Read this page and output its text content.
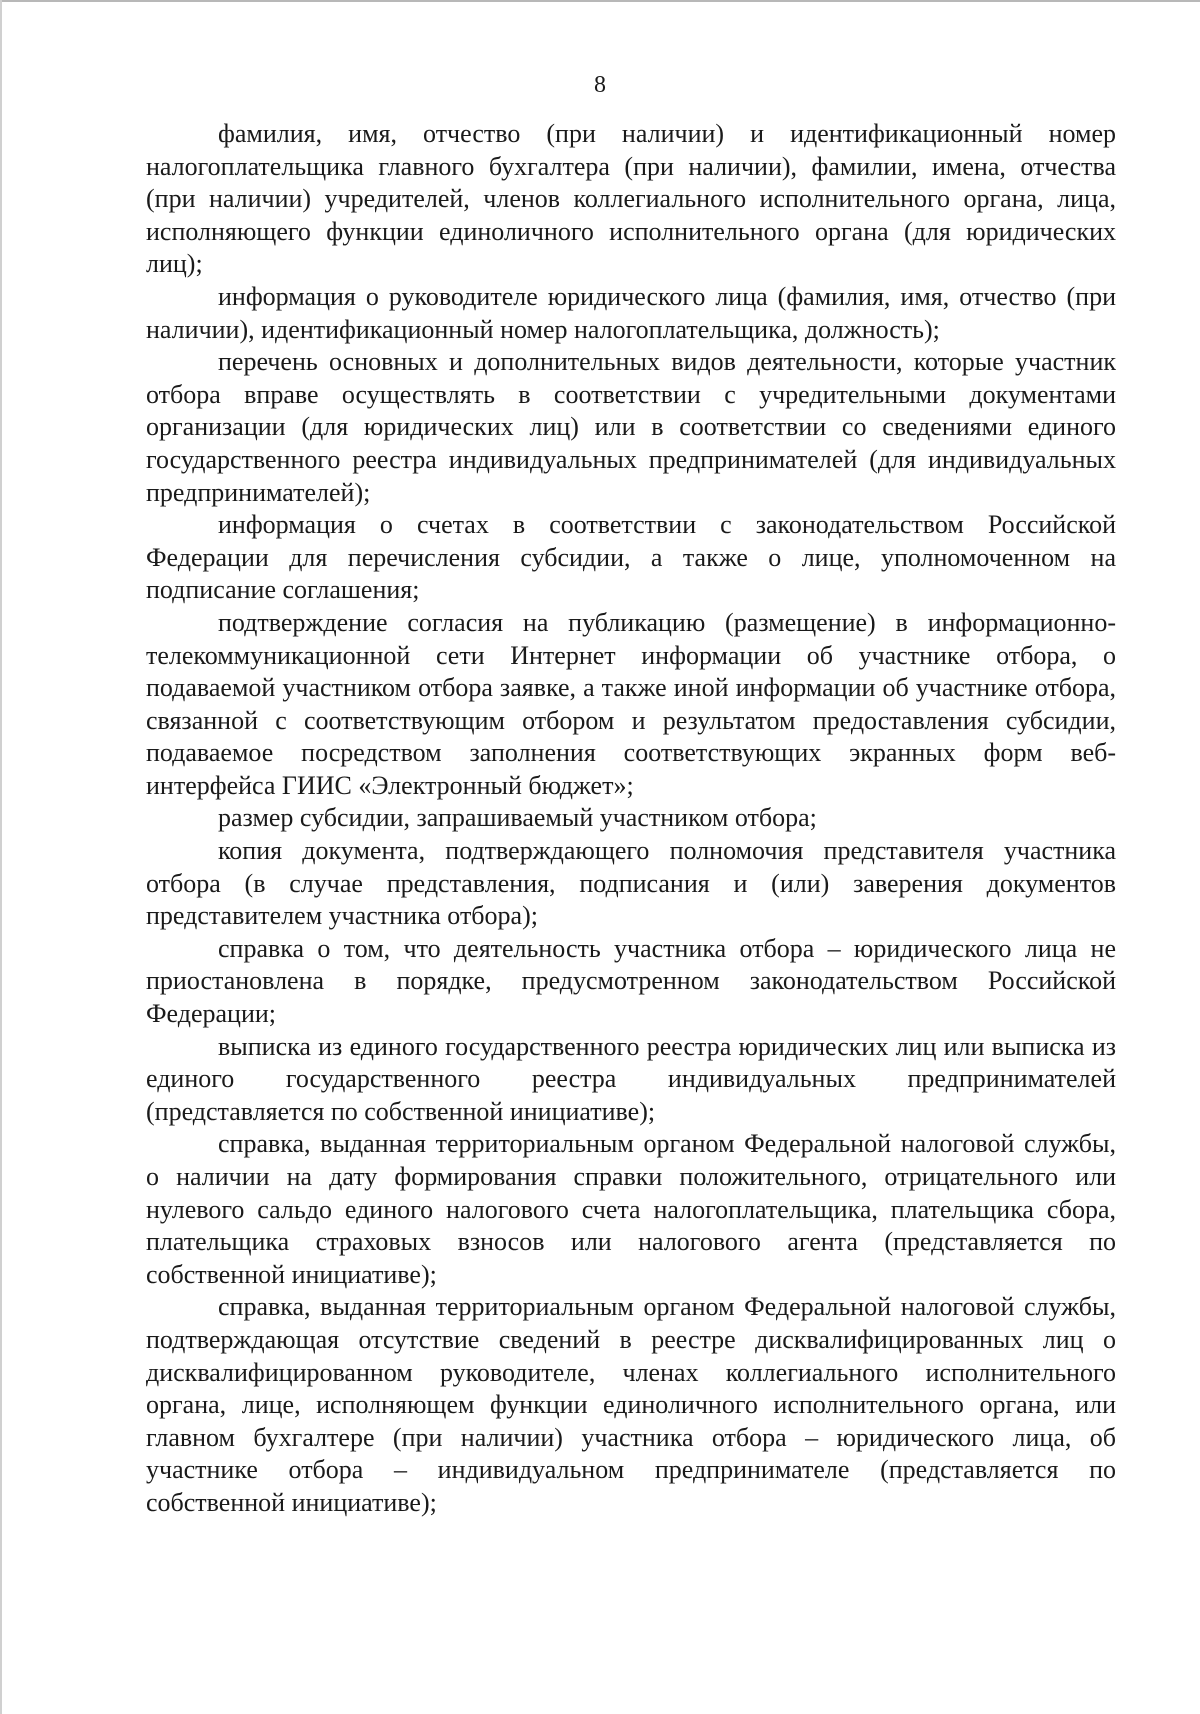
8

фамилия, имя, отчество (при наличии) и идентификационный номер налогоплательщика главного бухгалтера (при наличии), фамилии, имена, отчества (при наличии) учредителей, членов коллегиального исполнительного органа, лица, исполняющего функции единоличного исполнительного органа (для юридических лиц);

информация о руководителе юридического лица (фамилия, имя, отчество (при наличии), идентификационный номер налогоплательщика, должность);

перечень основных и дополнительных видов деятельности, которые участник отбора вправе осуществлять в соответствии с учредительными документами организации (для юридических лиц) или в соответствии со сведениями единого государственного реестра индивидуальных предпринимателей (для индивидуальных предпринимателей);

информация о счетах в соответствии с законодательством Российской Федерации для перечисления субсидии, а также о лице, уполномоченном на подписание соглашения;

подтверждение согласия на публикацию (размещение) в информационно-телекоммуникационной сети Интернет информации об участнике отбора, о подаваемой участником отбора заявке, а также иной информации об участнике отбора, связанной с соответствующим отбором и результатом предоставления субсидии, подаваемое посредством заполнения соответствующих экранных форм веб-интерфейса ГИИС «Электронный бюджет»;

размер субсидии, запрашиваемый участником отбора;

копия документа, подтверждающего полномочия представителя участника отбора (в случае представления, подписания и (или) заверения документов представителем участника отбора);

справка о том, что деятельность участника отбора – юридического лица не приостановлена в порядке, предусмотренном законодательством Российской Федерации;

выписка из единого государственного реестра юридических лиц или выписка из единого государственного реестра индивидуальных предпринимателей (представляется по собственной инициативе);

справка, выданная территориальным органом Федеральной налоговой службы, о наличии на дату формирования справки положительного, отрицательного или нулевого сальдо единого налогового счета налогоплательщика, плательщика сбора, плательщика страховых взносов или налогового агента (представляется по собственной инициативе);

справка, выданная территориальным органом Федеральной налоговой службы, подтверждающая отсутствие сведений в реестре дисквалифицированных лиц о дисквалифицированном руководителе, членах коллегиального исполнительного органа, лице, исполняющем функции единоличного исполнительного органа, или главном бухгалтере (при наличии) участника отбора – юридического лица, об участнике отбора – индивидуальном предпринимателе (представляется по собственной инициативе);
